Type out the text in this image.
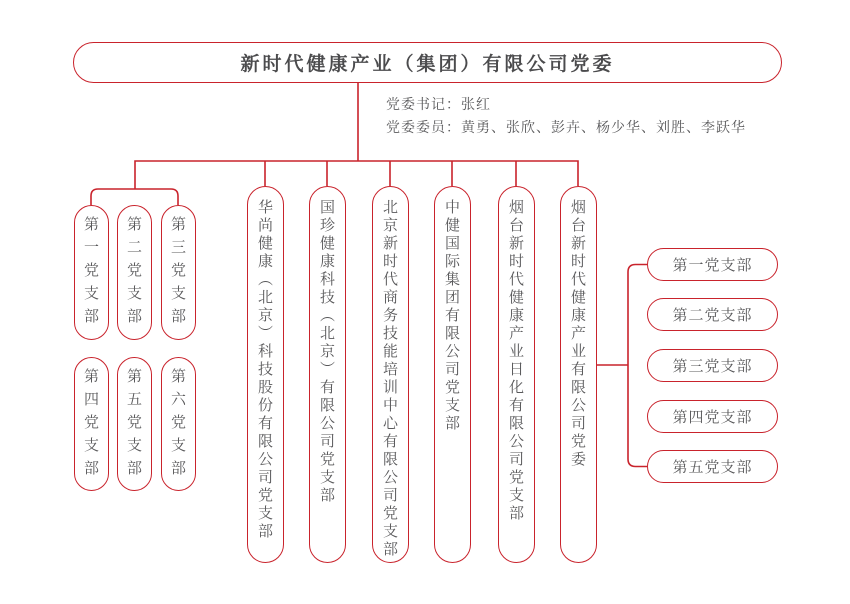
新时代健康产业（集团）有限公司党委

党委书记：张红

党委委员：黄勇、张欣、彭卉、杨少华、刘胜、李跃华

第一党支部 第二党支部 第三党支部
第四党支部 第五党支部 第六党支部	华尚健康（北京）科技股份有限公司党支部	国珍健康科技（北京）有限公司党支部	北京新时代商务技能培训中心有限公司党支部	中健国际集团有限公司党支部	烟台新时代健康产业日化有限公司党支部	烟台新时代健康产业有限公司党委	第一党支部
第二党支部
第三党支部
第四党支部
第五党支部
